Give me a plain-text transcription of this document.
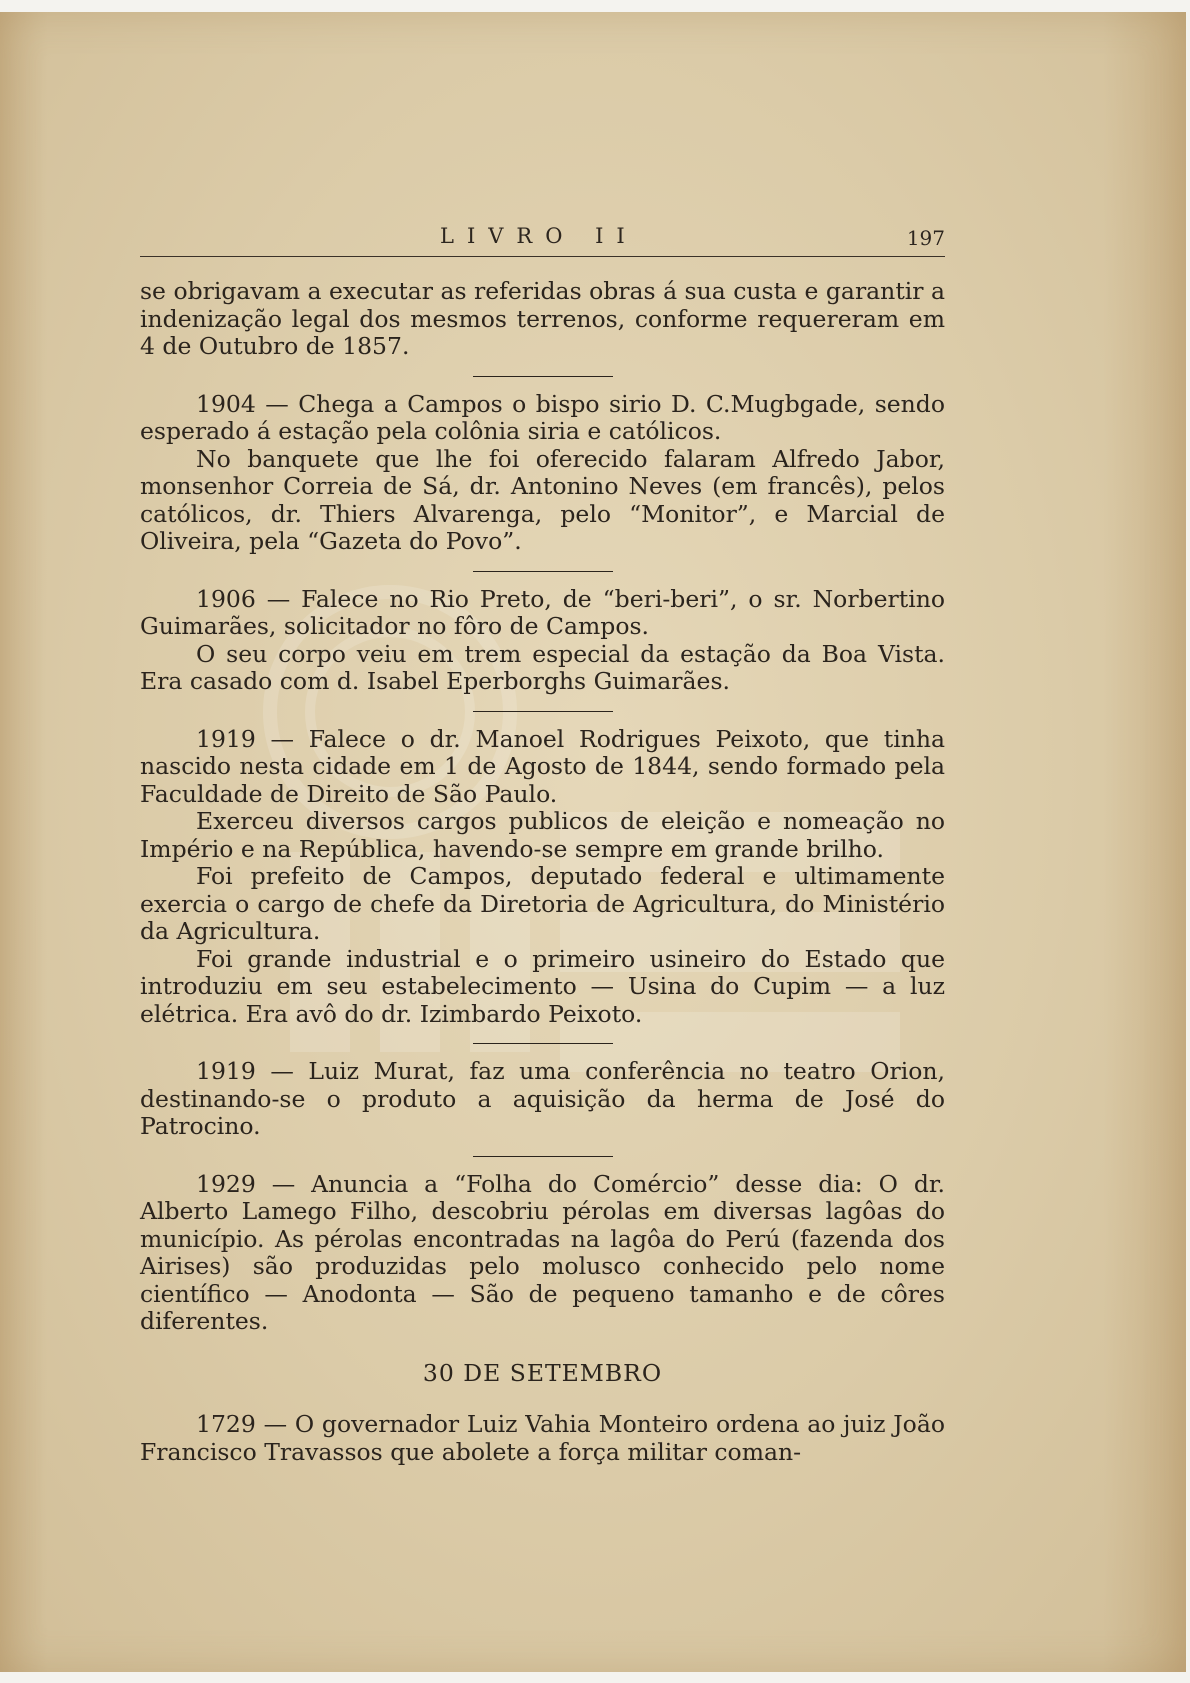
LIVRO II	197

se obrigavam a executar as referidas obras á sua custa e garantir a indenização legal dos mesmos terrenos, conforme requereram em 4 de Outubro de 1857.

1904 — Chega a Campos o bispo sirio D. C.Mugbgade, sendo esperado á estação pela colônia siria e católicos.

No banquete que lhe foi oferecido falaram Alfredo Jabor, monsenhor Correia de Sá, dr. Antonino Neves (em francês), pelos católicos, dr. Thiers Alvarenga, pelo “Monitor”, e Marcial de Oliveira, pela “Gazeta do Povo”.

1906 — Falece no Rio Preto, de “beri-beri”, o sr. Norbertino Guimarães, solicitador no fôro de Campos.

O seu corpo veiu em trem especial da estação da Boa Vista. Era casado com d. Isabel Eperborghs Guimarães.

1919 — Falece o dr. Manoel Rodrigues Peixoto, que tinha nascido nesta cidade em 1 de Agosto de 1844, sendo formado pela Faculdade de Direito de São Paulo.

Exerceu diversos cargos publicos de eleição e nomeação no Império e na República, havendo-se sempre em grande brilho.

Foi prefeito de Campos, deputado federal e ultimamente exercia o cargo de chefe da Diretoria de Agricultura, do Ministério da Agricultura.

Foi grande industrial e o primeiro usineiro do Estado que introduziu em seu estabelecimento — Usina do Cupim — a luz elétrica. Era avô do dr. Izimbardo Peixoto.

1919 — Luiz Murat, faz uma conferência no teatro Orion, destinando-se o produto a aquisição da herma de José do Patrocino.

1929 — Anuncia a “Folha do Comércio” desse dia: O dr. Alberto Lamego Filho, descobriu pérolas em diversas lagôas do município. As pérolas encontradas na lagôa do Perú (fazenda dos Airises) são produzidas pelo molusco conhecido pelo nome científico — Anodonta — São de pequeno tamanho e de côres diferentes.

30 DE SETEMBRO

1729 — O governador Luiz Vahia Monteiro ordena ao juiz João Francisco Travassos que abolete a força militar coman-
